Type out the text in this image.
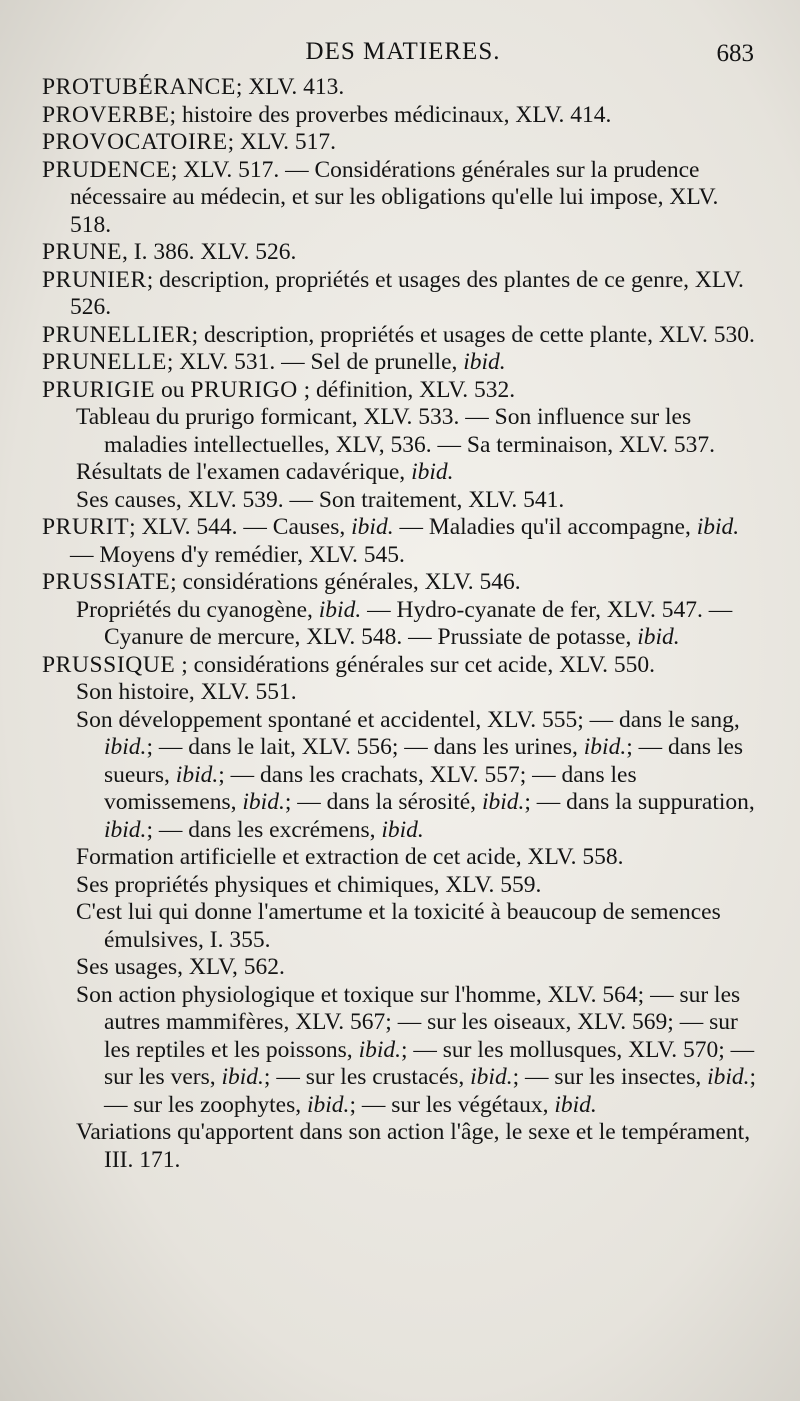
DES MATIERES.	683

PROTUBÉRANCE; XLV. 413.

PROVERBE; histoire des proverbes médicinaux, XLV. 414.

PROVOCATOIRE; XLV. 517.

PRUDENCE; XLV. 517. — Considérations générales sur la prudence nécessaire au médecin, et sur les obligations qu'elle lui impose, XLV. 518.

PRUNE, I. 386. XLV. 526.

PRUNIER; description, propriétés et usages des plantes de ce genre, XLV. 526.

PRUNELLIER; description, propriétés et usages de cette plante, XLV. 530.

PRUNELLE; XLV. 531. — Sel de prunelle, ibid.

PRURIGIE ou PRURIGO ; définition, XLV. 532.

Tableau du prurigo formicant, XLV. 533. — Son influence sur les maladies intellectuelles, XLV, 536. — Sa terminaison, XLV. 537.

Résultats de l'examen cadavérique, ibid.

Ses causes, XLV. 539. — Son traitement, XLV. 541.

PRURIT; XLV. 544. — Causes, ibid. — Maladies qu'il accompagne, ibid. — Moyens d'y remédier, XLV. 545.

PRUSSIATE; considérations générales, XLV. 546.

Propriétés du cyanogène, ibid. — Hydro-cyanate de fer, XLV. 547. — Cyanure de mercure, XLV. 548. — Prussiate de potasse, ibid.

PRUSSIQUE ; considérations générales sur cet acide, XLV. 550.

Son histoire, XLV. 551.

Son développement spontané et accidentel, XLV. 555; — dans le sang, ibid.; — dans le lait, XLV. 556; — dans les urines, ibid.; — dans les sueurs, ibid.; — dans les crachats, XLV. 557; — dans les vomissemens, ibid.; — dans la sérosité, ibid.; — dans la suppuration, ibid.; — dans les excrémens, ibid.

Formation artificielle et extraction de cet acide, XLV. 558.

Ses propriétés physiques et chimiques, XLV. 559.

C'est lui qui donne l'amertume et la toxicité à beaucoup de semences émulsives, I. 355.

Ses usages, XLV, 562.

Son action physiologique et toxique sur l'homme, XLV. 564; — sur les autres mammifères, XLV. 567; — sur les oiseaux, XLV. 569; — sur les reptiles et les poissons, ibid.; — sur les mollusques, XLV. 570; — sur les vers, ibid.; — sur les crustacés, ibid.; — sur les insectes, ibid.; — sur les zoophytes, ibid.; — sur les végétaux, ibid.

Variations qu'apportent dans son action l'âge, le sexe et le tempérament, III. 171.
